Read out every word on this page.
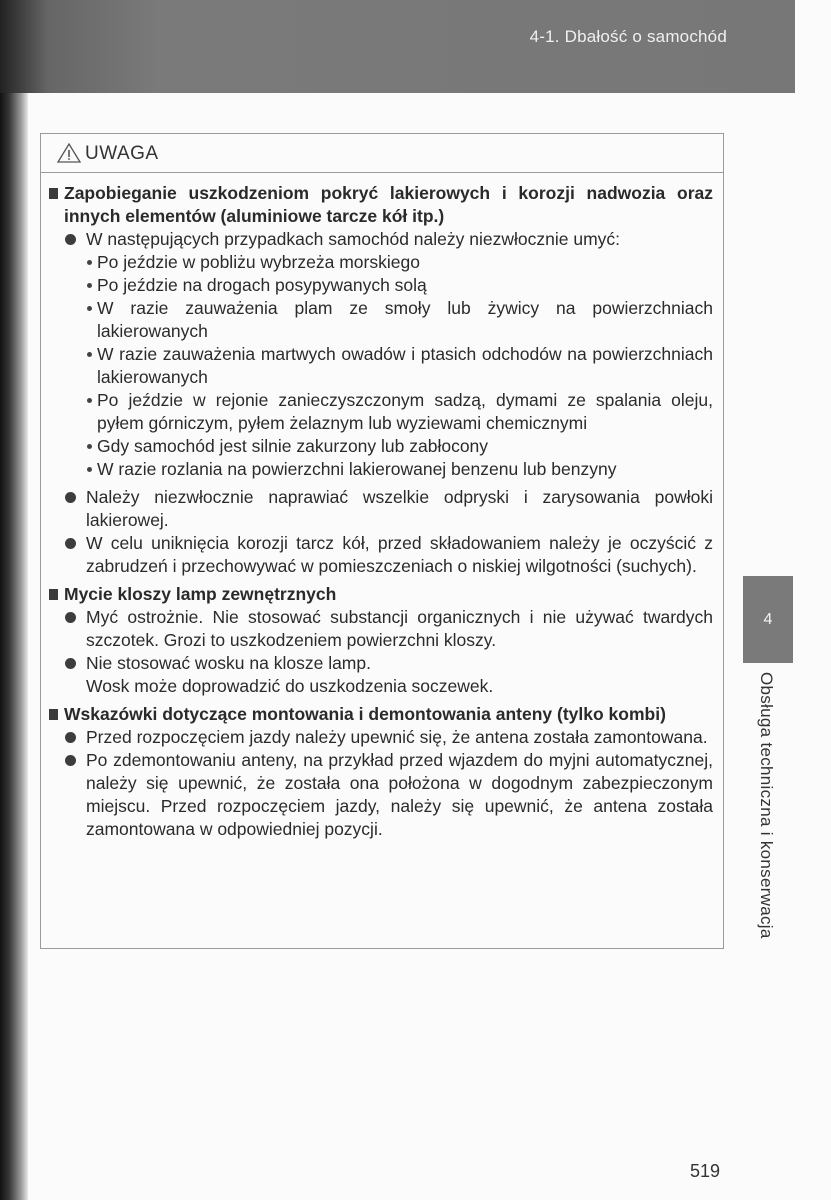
4-1. Dbałość o samochód
UWAGA
Zapobieganie uszkodzeniom pokryć lakierowych i korozji nadwozia oraz innych elementów (aluminiowe tarcze kół itp.)
W następujących przypadkach samochód należy niezwłocznie umyć:
Po jeździe w pobliżu wybrzeża morskiego
Po jeździe na drogach posypywanych solą
W razie zauważenia plam ze smoły lub żywicy na powierzchniach lakierowanych
W razie zauważenia martwych owadów i ptasich odchodów na powierzchniach lakierowanych
Po jeździe w rejonie zanieczyszczonym sadzą, dymami ze spalania oleju, pyłem górniczym, pyłem żelaznym lub wyziewami chemicznymi
Gdy samochód jest silnie zakurzony lub zabłocony
W razie rozlania na powierzchni lakierowanej benzenu lub benzyny
Należy niezwłocznie naprawiać wszelkie odpryski i zarysowania powłoki lakierowej.
W celu uniknięcia korozji tarcz kół, przed składowaniem należy je oczyścić z zabrudzeń i przechowywać w pomieszczeniach o niskiej wilgotności (suchych).
Mycie kloszy lamp zewnętrznych
Myć ostrożnie. Nie stosować substancji organicznych i nie używać twardych szczotek. Grozi to uszkodzeniem powierzchni kloszy.
Nie stosować wosku na klosze lamp.
Wosk może doprowadzić do uszkodzenia soczewek.
Wskazówki dotyczące montowania i demontowania anteny (tylko kombi)
Przed rozpoczęciem jazdy należy upewnić się, że antena została zamontowana.
Po zdemontowaniu anteny, na przykład przed wjazdem do myjni automatycznej, należy się upewnić, że została ona położona w dogodnym zabezpieczonym miejscu. Przed rozpoczęciem jazdy, należy się upewnić, że antena została zamontowana w odpowiedniej pozycji.
4
Obsługa techniczna i konserwacja
519
